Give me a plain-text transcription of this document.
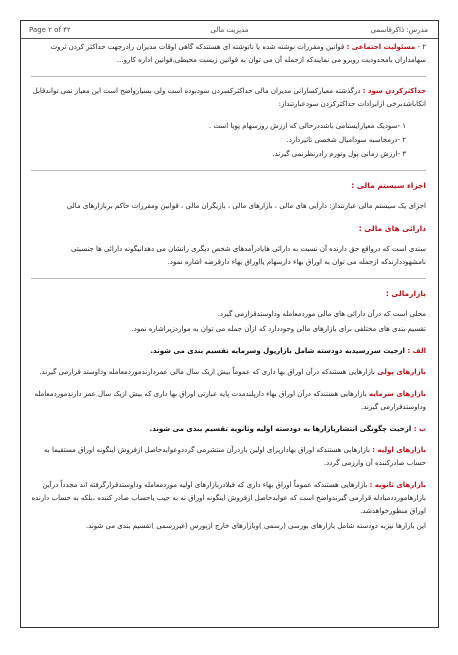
Page ۲ of ۴۲	مدیریت مالی	مدرس: ذاکرقاسمی
۲ - مسئولیت اجتماعی : قوانین ومقررات نوشته شده یا ناتوشته ای هستندکه گاهی اوقات مدیران رادرجهت حداکثر کردن ثروت سهامداران بامحدودیت روبرو می نمایندکه ازجمله آن می توان به قوانین زیست محیطی،قوانین اداره کارو...
حداکثرکردن سود : درگذشته معیارکساراتی مدیران مالی حداکثرکسردن سودبوده است ولی بسیارواضح است این معیار نمی تواندقابل اتکاباشدبرخی ازایرادات حداکثرکردن سودعبارتنداز:
۱ -سودیک معیارایستامی باشددرحالی که ارزش روزسهام پویا است .
۲ -درمحاسبه سودامیال شخصی تاثیردارد.
۳ -ارزش زمانی پول وتورم رادرنظرنمی گیرند.
اجزاء سیستم مالی :
اجزای یک سیستم مالی عبارتنداز: دارایی های مالی ، بازارهای مالی ، بازیگران مالی ، قوانین ومقررات حاکم بربازارهای مالی
دارائی های مالی :
سندی است که درواقع حق دارنده آن نسبت به دارائی هایادرآمدهای شخص دیگری رانشان می دهدانیگونه دارائی ها جنسیتی نامشهوددارندکه ازجمله می توان به اوراق بهاء دارسهام یااوراق بهاء دارقرضه اشاره نمود.
بازارمالی :
محلی است که درآن دارائی های مالی موردمعامله وداوستدقرارمی گیرد.
تقسیم بندی های مختلفی برای بازارهای مالی وجوددارد که ازآن جمله می توان به مواردزیراشاره نمود.
الف : ازحیث سررسیدبه دودسته شامل بازارپول وسرمایه تقسیم بندی می شوند.
بازارهای پولی بازارهایی هستندکه درآن اوراق بها داری که عموماً بیش ازیک سال مالی عمردارندموردمعامله وداوستد قرارمی گیرند.
بازارهای سرمایه بازارهایی هستندکه درآن اوراق بهاء دارپلندمدت پایه عبارتی اوراق بها داری که بیش ازیک سال عمر دارندموردمعامله وداوستدقرارمی گیرند.
ب : ازحیث چگونگی انتشاربازارها به دودسته اولیه وثانویه تقسیم بندی می شوند.
بازارهای اولیه : بازارهایی هستندکه اوراق بهادارپرای اولین باردرآن منتشرمی گرددوعوایدحاصل ازفروش اینگونه اوراق مستقیما به حساب صادرکننده آن وارزمی گردد.
بازارهای ثانویه : بازارهایی هستندکه عموماً اوراق بهاء داری که قبلادربازارهای اولیه موردمعامله وداوستدقرارگرفته اند مجدداً درآین بازارهامورددمبادله قرارمی گیرندواضح است که عوایدحاصل ازفروش اینگونه اوراق نه به جیب یاحساب صادر کننده ،بلکه به حساب دارنده اوراق منظورخواهدشد.
این بازارها نیزبه دودسته شامل بازارهای بورسی (رسمی )وبازارهای خارج ازبورس (غیررسمی )تقسیم بندی می شوند.
